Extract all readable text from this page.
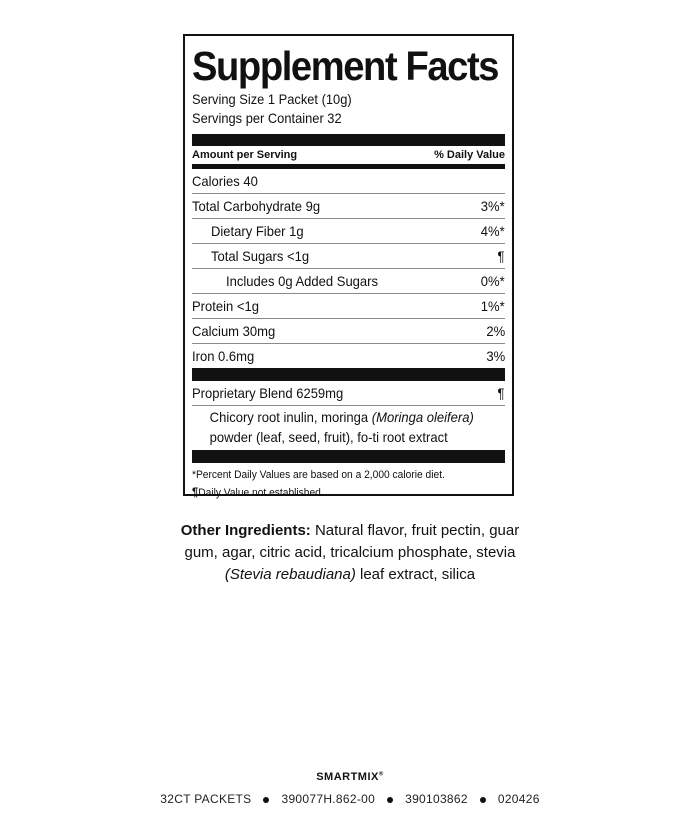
Supplement Facts
Serving Size 1 Packet (10g)
Servings per Container 32
Amount per Serving	% Daily Value
Calories 40
Total Carbohydrate 9g	3%*
Dietary Fiber 1g	4%*
Total Sugars <1g	¶
Includes 0g Added Sugars	0%*
Protein <1g	1%*
Calcium 30mg	2%
Iron 0.6mg	3%
Proprietary Blend 6259mg	¶
Chicory root inulin, moringa (Moringa oleifera)
powder (leaf, seed, fruit), fo-ti root extract
*Percent Daily Values are based on a 2,000 calorie diet.
¶Daily Value not established.
Other Ingredients: Natural flavor, fruit pectin, guar
gum, agar, citric acid, tricalcium phosphate, stevia
(Stevia rebaudiana) leaf extract, silica
SMARTMIX®
32CT PACKETS	390077H.862-00	390103862	020426
